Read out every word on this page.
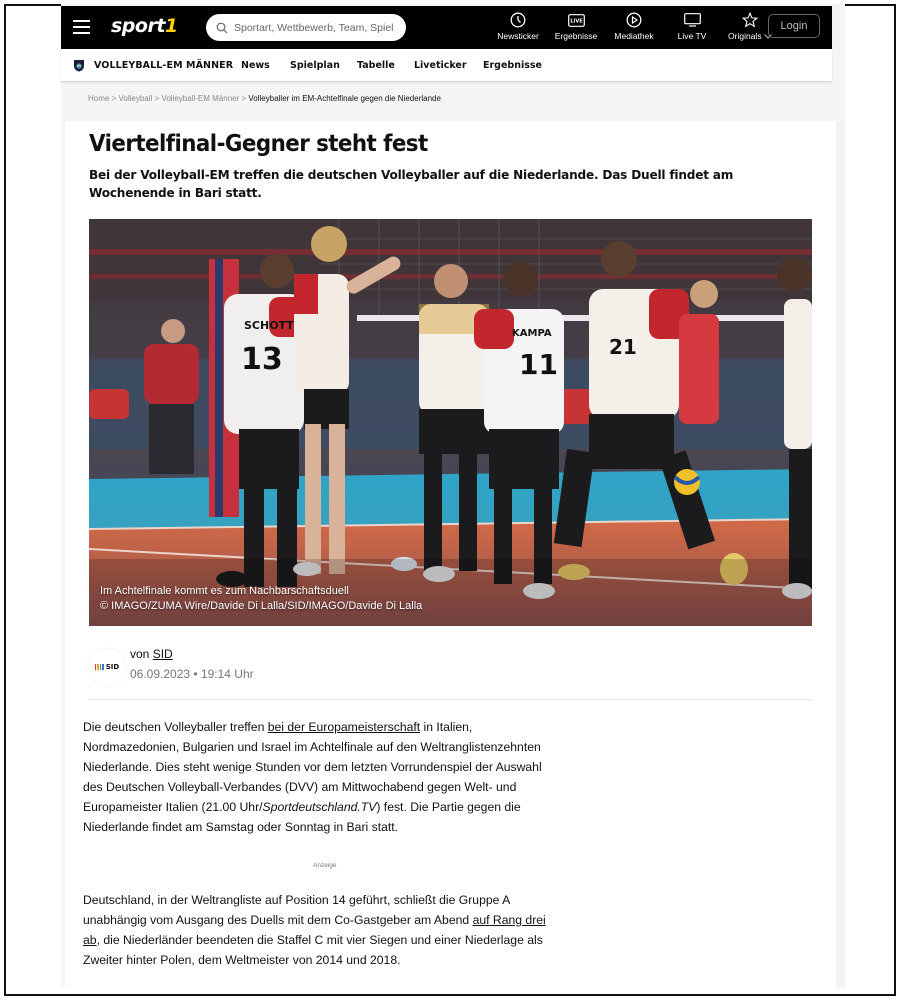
sport1
Sportart, Wettbewerb, Team, Spieler	Newsticker
LIVE
Ergebnisse Mediathek	Live TV	Originals
Login
VOLLEYBALL-EM MÄNNER News Spielplan Tabelle Liveticker Ergebnisse
Home > Volleyball > Volleyball-EM Männer > Volleyballer im EM-Achtelfinale gegen die Niederlande
Viertelfinal-Gegner steht fest

Bei der Volleyball-EM treffen die deutschen Volleyballer auf die Niederlande. Das Duell findet am Wochenende in Bari statt.

SCHOTT
13
KAMPA
11
21
Im Achtelfinale kommt es zum Nachbarschaftsduell
© IMAGO/ZUMA Wire/Davide Di Lalla/SID/IMAGO/Davide Di Lalla
SID
von SID
06.09.2023 • 19:14 Uhr

Die deutschen Volleyballer treffen bei der Europameisterschaft in Italien, Nordmazedonien, Bulgarien und Israel im Achtelfinale auf den Weltranglistenzehnten Niederlande. Dies steht wenige Stunden vor dem letzten Vorrundenspiel der Auswahl des Deutschen Volleyball-Verbandes (DVV) am Mittwochabend gegen Welt- und Europameister Italien (21.00 Uhr/Sportdeutschland.TV) fest. Die Partie gegen die Niederlande findet am Samstag oder Sonntag in Bari statt.

Anzeige

Deutschland, in der Weltrangliste auf Position 14 geführt, schließt die Gruppe A unabhängig vom Ausgang des Duells mit dem Co-Gastgeber am Abend auf Rang drei ab, die Niederländer beendeten die Staffel C mit vier Siegen und einer Niederlage als Zweiter hinter Polen, dem Weltmeister von 2014 und 2018.
